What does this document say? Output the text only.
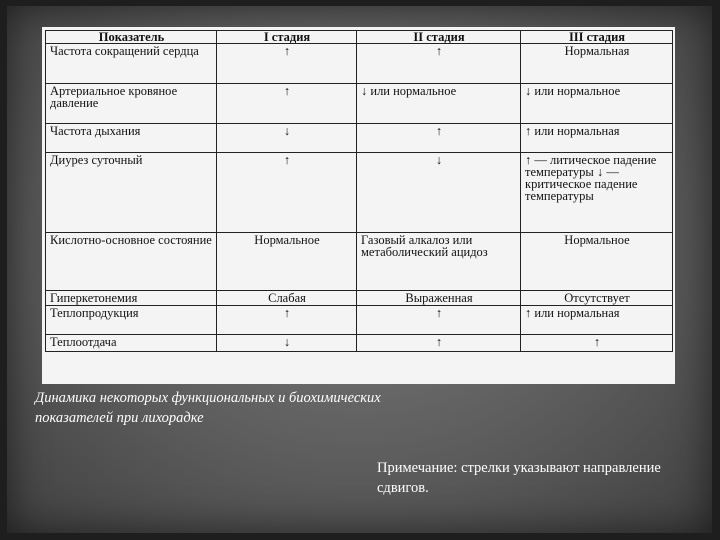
Показатель	I стадия	II стадия	III стадия
Частота сокращений сердца	↑	↑	Нормальная
Артериальное кровяное давление	↑	↓ или нормальное	↓ или нормальное
Частота дыхания	↓	↑	↑ или нормальная
Диурез суточный	↑	↓	↑ — литическое падение температуры ↓ — критическое падение температуры
Кислотно-основное состояние	Нормальное	Газовый алкалоз или метаболический ацидоз	Нормальное
Гиперкетонемия	Слабая	Выраженная	Отсутствует
Теплопродукция	↑	↑	↑ или нормальная
Теплоотдача	↓	↑	↑
Динамика некоторых функциональных и биохимических показателей при лихорадке
Примечание: стрелки указывают направление сдвигов.
